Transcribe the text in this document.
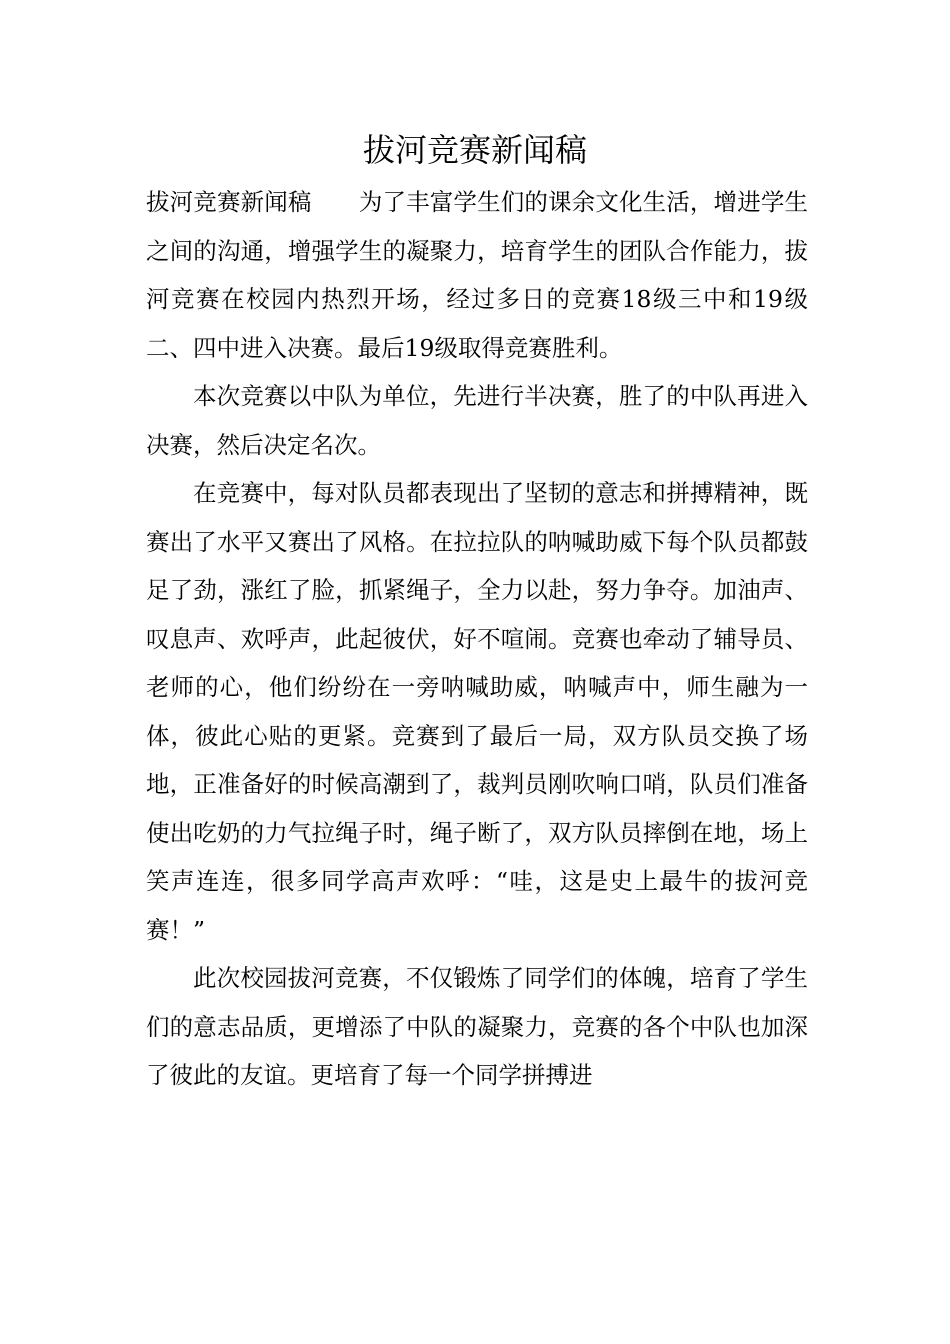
拔河竞赛新闻稿

拔河竞赛新闻稿　　为了丰富学生们的课余文化生活，增进学生之间的沟通，增强学生的凝聚力，培育学生的团队合作能力，拔河竞赛在校园内热烈开场，经过多日的竞赛18级三中和19级二、四中进入决赛。最后19级取得竞赛胜利。

本次竞赛以中队为单位，先进行半决赛，胜了的中队再进入决赛，然后决定名次。

在竞赛中，每对队员都表现出了坚韧的意志和拼搏精神，既赛出了水平又赛出了风格。在拉拉队的呐喊助威下每个队员都鼓足了劲，涨红了脸，抓紧绳子，全力以赴，努力争夺。加油声、叹息声、欢呼声，此起彼伏，好不喧闹。竞赛也牵动了辅导员、老师的心，他们纷纷在一旁呐喊助威，呐喊声中，师生融为一体，彼此心贴的更紧。竞赛到了最后一局，双方队员交换了场地，正准备好的时候高潮到了，裁判员刚吹响口哨，队员们准备使出吃奶的力气拉绳子时，绳子断了，双方队员摔倒在地，场上笑声连连，很多同学高声欢呼：“哇，这是史上最牛的拔河竞赛！”

此次校园拔河竞赛，不仅锻炼了同学们的体魄，培育了学生们的意志品质，更增添了中队的凝聚力，竞赛的各个中队也加深了彼此的友谊。更培育了每一个同学拼搏进
